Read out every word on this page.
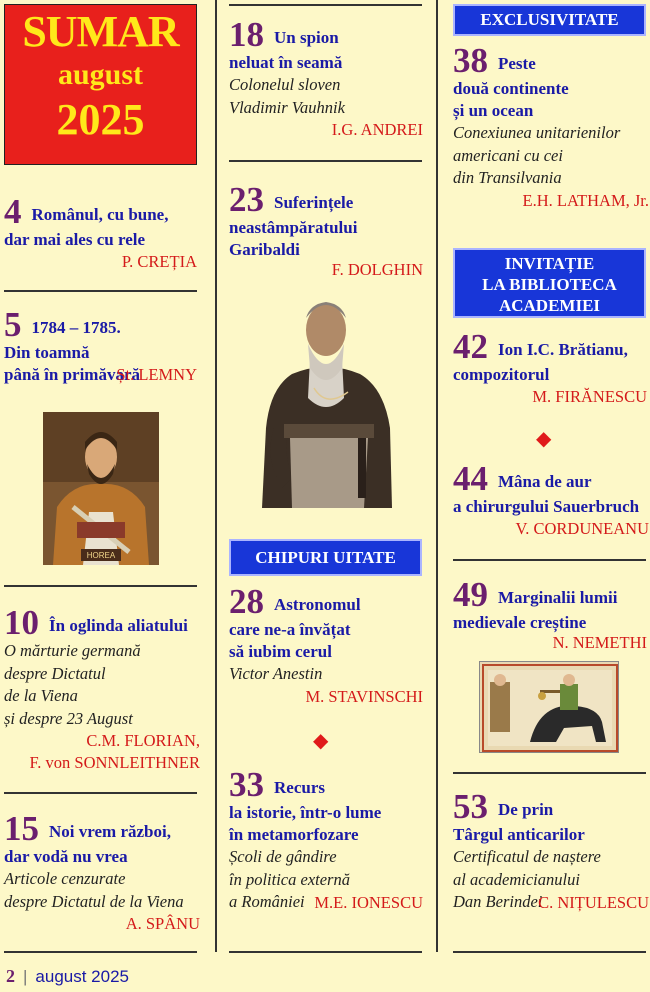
SUMAR
august
2025
4 Românul, cu bune,
dar mai ales cu rele
P. CREȚIA
5 1784 – 1785.
Din toamnă
până în primăvară
Șt. LEMNY
HOREA
10 În oglinda aliatului
O mărturie germană
despre Dictatul
de la Viena
și despre 23 August
C.M. FLORIAN,
F. von SONNLEITHNER
15 Noi vrem război,
dar vodă nu vrea
Articole cenzurate
despre Dictatul de la Viena
A. SPÂNU
18 Un spion
neluat în seamă
Colonelul sloven
Vladimir Vauhnik
I.G. ANDREI
23 Suferințele
neastâmpăratului
Garibaldi
F. DOLGHIN
CHIPURI UITATE
28 Astronomul
care ne-a învățat
să iubim cerul
Victor Anestin
M. STAVINSCHI
◆
33 Recurs
la istorie, într-o lume
în metamorfozare
Școli de gândire
în politica externă
a României M.E. IONESCU
EXCLUSIVITATE
38 Peste
două continente
și un ocean
Conexiunea unitarienilor
americani cu cei
din Transilvania
E.H. LATHAM, Jr.
INVITAȚIE
LA BIBLIOTECA
ACADEMIEI
42 Ion I.C. Brătianu,
compozitorul
M. FIRĂNESCU
◆
44 Mâna de aur
a chirurgului Sauerbruch
V. CORDUNEANU
49 Marginalii lumii
medievale creștine
N. NEMETHI
53 De prin
Târgul anticarilor
Certificatul de naștere
al academicianului
Dan Berindei
C. NIȚULESCU
2 | august 2025
